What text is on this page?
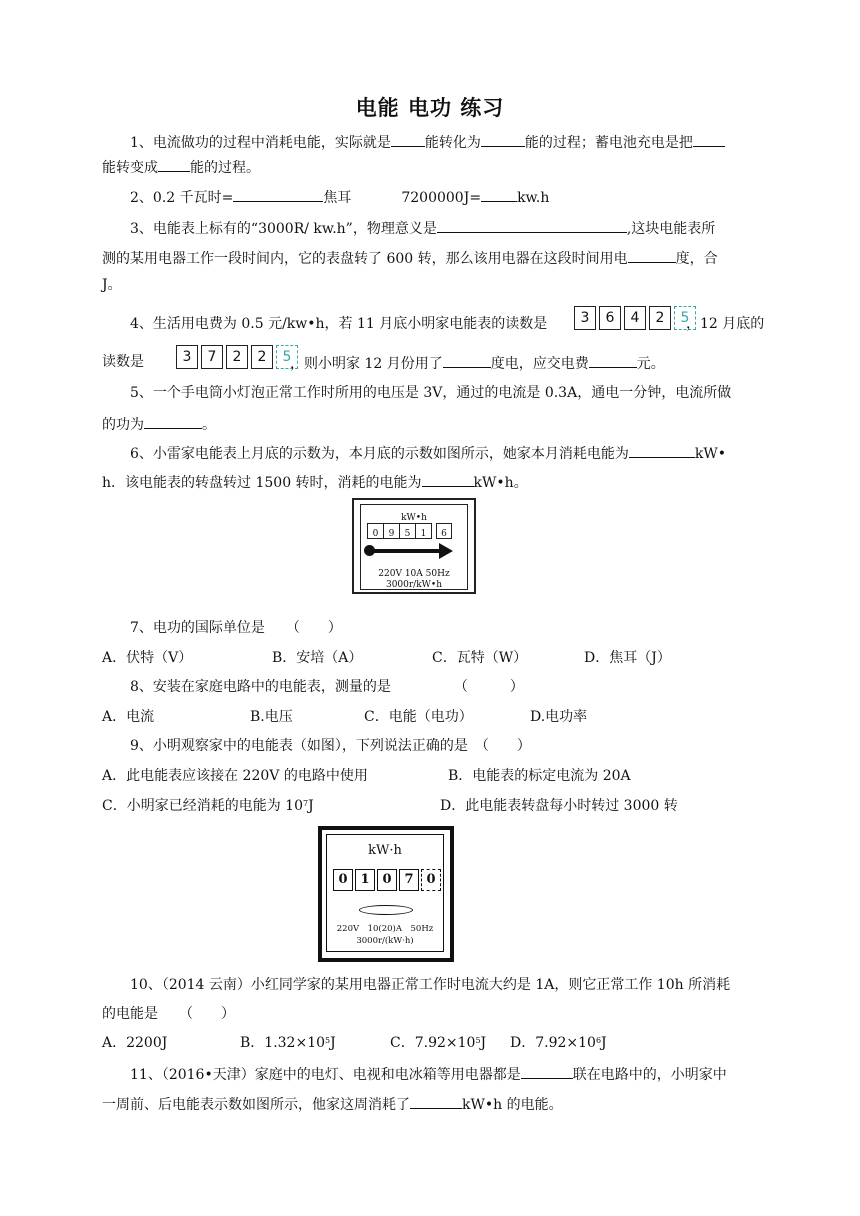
电能 电功 练习
1、电流做功的过程中消耗电能，实际就是 能转化为	能的过程；蓄电池充电是把
能转变成 能的过程。
2、0.2 千瓦时=	焦耳	7200000J=	kw.h
3、电能表上标有的“3000R/ kw.h”，物理意义是	,这块电能表所
测的某用电器工作一段时间内，它的表盘转了 600 转，那么该用电器在这段时间用电	度，合
J。
4、生活用电费为 0.5 元/kw•h，若 11 月底小明家电能表的读数是	3	6	4	2	5
，12 月底的
读数是	3	7	2	2	5
，则小明家 12 月份用了	度电，应交电费	元。
5、一个手电筒小灯泡正常工作时所用的电压是 3V，通过的电流是 0.3A，通电一分钟，电流所做
的功为	。
6、小雷家电能表上月底的示数为，本月底的示数如图所示，她家本月消耗电能为	kW•
h．该电能表的转盘转过 1500 转时，消耗的电能为	kW•h。
kW•h
0	9	5	1	6
220V 10A 50Hz
3000r/kW•h
7、电功的国际单位是　　（　　）
A．伏特（V）	B．安培（A）	C．瓦特（W）	D．焦耳（J）
8、安装在家庭电路中的电能表，测量的是　　　　　（　　　）
A．电流	B.电压	C．电能（电功）	D.电功率
9、小明观察家中的电能表（如图），下列说法正确的是　（　　）
A．此电能表应该接在 220V 的电路中使用	B．电能表的标定电流为 20A
C．小明家已经消耗的电能为 $10^7J$	D．此电能表转盘每小时转过 3000 转
kW·h
0 1 0 7 0
220V　10(20)A　50Hz
3000r/(kW·h)
10、（2014 云南）小红同学家的某用电器正常工作时电流大约是 1A，则它正常工作 10h 所消耗
的电能是　　（　　）
A．2200J	B．$1.32\times 10^5J$	C．$7.92\times 10^5J$ D．$7.92\times 10^6J$
11、（2016•天津）家庭中的电灯、电视和电冰箱等用电器都是	联在电路中的，小明家中
一周前、后电能表示数如图所示，他家这周消耗了	kW•h 的电能。
